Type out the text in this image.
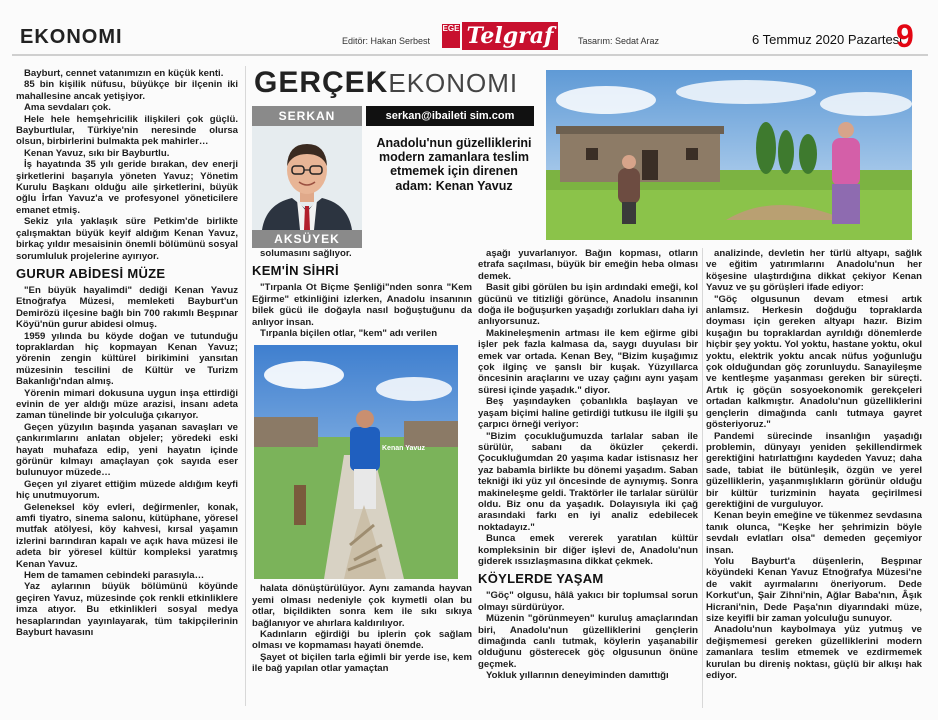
EKONOMI	Editör: Hakan Serbest
EGE Telgraf	Tasarım: Sedat Araz	6 Temmuz 2020 Pazartesi
9

Bayburt, cennet vatanımızın en küçük kenti.

85 bin kişilik nüfusu, büyükçe bir ilçenin iki mahallesine ancak yetişiyor.

Ama sevdaları çok.

Hele hele hemşehricilik ilişkileri çok güçlü. Bayburtlular, Türkiye'nin neresinde olursa olsun, birbirlerini bulmakta pek mahirler…

Kenan Yavuz, sıkı bir Bayburtlu.

İş hayatında 35 yılı geride bırakan, dev enerji şirketlerini başarıyla yöneten Yavuz; Yönetim Kurulu Başkanı olduğu aile şirketlerini, büyük oğlu İrfan Yavuz'a ve profesyonel yöneticilere emanet etmiş.

Sekiz yıla yaklaşık süre Petkim'de birlikte çalışmaktan büyük keyif aldığım Kenan Yavuz, birkaç yıldır mesaisinin önemli bölümünü sosyal sorumluluk projelerine ayırıyor.

GURUR ABİDESİ MÜZE

"En büyük hayalimdi" dediği Kenan Yavuz Etnoğrafya Müzesi, memleketi Bayburt'un Demirözü ilçesine bağlı bin 700 rakımlı Beşpınar Köyü'nün gurur abidesi olmuş.

1959 yılında bu köyde doğan ve tutunduğu topraklardan hiç kopmayan Kenan Yavuz; yörenin zengin kültürel birikimini yansıtan müzesinin tescilini de Kültür ve Turizm Bakanlığı'ndan almış.

Yörenin mimari dokusuna uygun inşa ettirdiği evinin de yer aldığı müze arazisi, insanı adeta zaman tünelinde bir yolculuğa çıkarıyor.

Geçen yüzyılın başında yaşanan savaşları ve çankırımlarını anlatan objeler; yöredeki eski hayatı muhafaza edip, yeni hayatın içinde görünür kılmayı amaçlayan çok sayıda eser bulunuyor müzede…

Geçen yıl ziyaret ettiğim müzede aldığım keyfi hiç unutmuyorum.

Geleneksel köy evleri, değirmenler, konak, amfi tiyatro, sinema salonu, kütüphane, yöresel mutfak atölyesi, köy kahvesi, kırsal yaşamın izlerini barındıran kapalı ve açık hava müzesi ile adeta bir yöresel kültür kompleksi yaratmış Kenan Yavuz.

Hem de tamamen cebindeki parasıyla…

Yaz aylarının büyük bölümünü köyünde geçiren Yavuz, müzesinde çok renkli etkinliklere imza atıyor. Bu etkinlikleri sosyal medya hesaplarından yayınlayarak, tüm takipçilerinin Bayburt havasını

GERÇEKEKONOMI
SERKAN	serkan@ibaileti sim.com
AKSÜYEK
Anadolu'nun güzelliklerini modern zamanlara teslim etmemek için direnen adam: Kenan Yavuz

solumasını sağlıyor.

KEM'İN SİHRİ

"Tırpanla Ot Biçme Şenliği"nden sonra "Kem Eğirme" etkinliğini izlerken, Anadolu insanının bilek gücü ile doğayla nasıl boğuştuğunu da anlıyor insan.

Tırpanla biçilen otlar, "kem" adı verilen

halata dönüştürülüyor. Aynı zamanda hayvan yemi olması nedeniyle çok kıymetli olan bu otlar, biçildikten sonra kem ile sıkı sıkıya bağlanıyor ve ahırlara kaldırılıyor.

Kadınların eğirdiği bu iplerin çok sağlam olması ve kopmaması hayati önemde.

Şayet ot biçilen tarla eğimli bir yerde ise, kem ile bağ yapılan otlar yamaçtan

Kenan Yavuz

aşağı yuvarlanıyor. Bağın kopması, otların etrafa saçılması, büyük bir emeğin heba olması demek.

Basit gibi görülen bu işin ardındaki emeği, kol gücünü ve titizliği görünce, Anadolu insanının doğa ile boğuşurken yaşadığı zorlukları daha iyi anlıyorsunuz.

Makineleşmenin artması ile kem eğirme gibi işler pek fazla kalmasa da, saygı duyulası bir emek var ortada. Kenan Bey, "Bizim kuşağımız çok ilginç ve şanslı bir kuşak. Yüzyıllarca öncesinin araçlarını ve uzay çağını aynı yaşam süresi içinde yaşadık." diyor.

Beş yaşındayken çobanlıkla başlayan ve yaşam biçimi haline getirdiği tutkusu ile ilgili şu çarpıcı örneği veriyor:

"Bizim çocukluğumuzda tarlalar saban ile sürülür, sabanı da öküzler çekerdi. Çocukluğumdan 20 yaşıma kadar istisnasız her yaz babamla birlikte bu dönemi yaşadım. Saban tekniği iki yüz yıl öncesinde de aynıymış. Sonra makineleşme geldi. Traktörler ile tarlalar sürülür oldu. Biz onu da yaşadık. Dolayısıyla iki çağ arasındaki farkı en iyi analiz edebilecek noktadayız."

Bunca emek vererek yaratılan kültür kompleksinin bir diğer işlevi de, Anadolu'nun giderek ıssızlaşmasına dikkat çekmek.

KÖYLERDE YAŞAM

"Göç" olgusu, hâlâ yakıcı bir toplumsal sorun olmayı sürdürüyor.

Müzenin "görünmeyen" kuruluş amaçlarından biri, Anadolu'nun güzelliklerini gençlerin dimağında canlı tutmak, köylerin yaşanabilir olduğunu gösterecek göç olgusunun önüne geçmek.

Yokluk yıllarının deneyiminden damıttığı

analizinde, devletin her türlü altyapı, sağlık ve eğitim yatırımlarını Anadolu'nun her köşesine ulaştırdığına dikkat çekiyor Kenan Yavuz ve şu görüşleri ifade ediyor:

"Göç olgusunun devam etmesi artık anlamsız. Herkesin doğduğu topraklarda doyması için gereken altyapı hazır. Bizim kuşağın bu topraklardan ayrıldığı dönemlerde hiçbir şey yoktu. Yol yoktu, hastane yoktu, okul yoktu, elektrik yoktu ancak nüfus yoğunluğu çok olduğundan göç zorunluydu. Sanayileşme ve kentleşme yaşanması gereken bir süreçti. Artık iç göçün sosyoekonomik gerekçeleri ortadan kalkmıştır. Anadolu'nun güzelliklerini gençlerin dimağında canlı tutmaya gayret gösteriyoruz."

Pandemi sürecinde insanlığın yaşadığı problemin, dünyayı yeniden şekillendirmek gerektiğini hatırlattığını kaydeden Yavuz; daha sade, tabiat ile bütünleşik, özgün ve yerel güzelliklerin, yaşanmışlıkların görünür olduğu bir kültür turizminin hayata geçirilmesi gerektiğini de vurguluyor.

Kenan beyin emeğine ve tükenmez sevdasına tanık olunca, "Keşke her şehrimizin böyle sevdalı evlatları olsa" demeden geçemiyor insan.

Yolu Bayburt'a düşenlerin, Beşpınar köyündeki Kenan Yavuz Etnoğrafya Müzesi'ne de vakit ayırmalarını öneriyorum. Dede Korkut'un, Şair Zihni'nin, Ağlar Baba'nın, Âşık Hicrani'nin, Dede Paşa'nın diyarındaki müze, size keyifli bir zaman yolculuğu sunuyor.

Anadolu'nun kaybolmaya yüz yutmuş ve değişmemesi gereken güzelliklerini modern zamanlara teslim etmemek ve ezdirmemek kurulan bu direniş noktası, güçlü bir alkışı hak ediyor.
